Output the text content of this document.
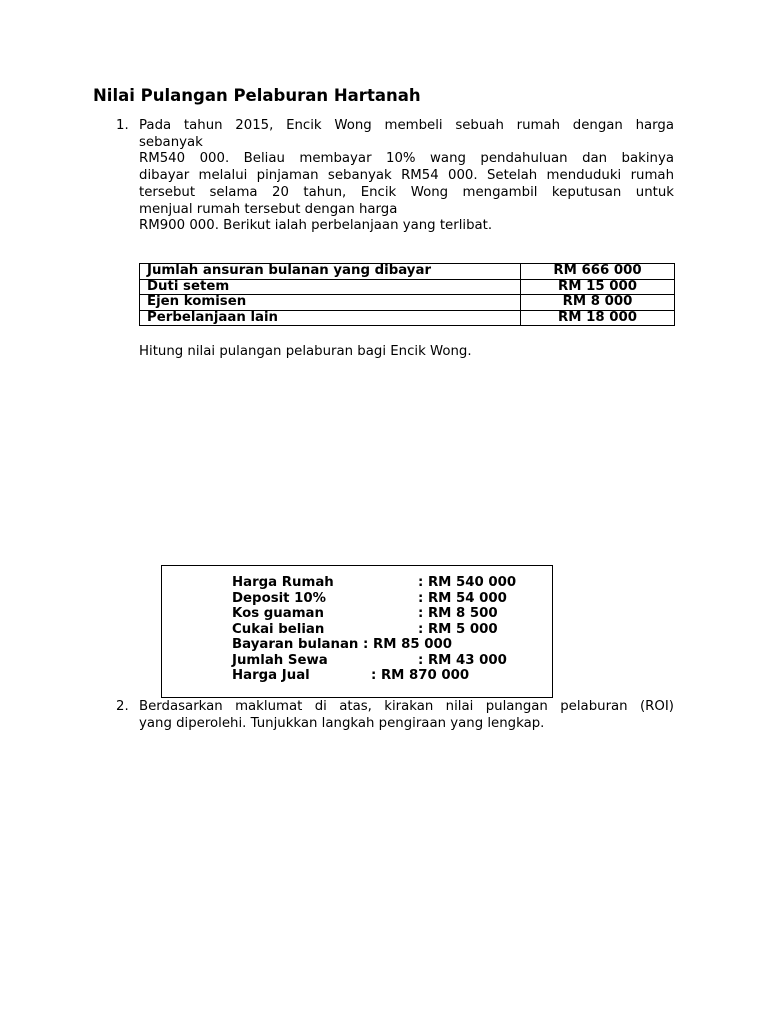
Nilai Pulangan Pelaburan Hartanah
1. Pada tahun 2015, Encik Wong membeli sebuah rumah dengan harga
sebanyak
RM540 000. Beliau membayar 10% wang pendahuluan dan bakinya
dibayar melalui pinjaman sebanyak RM54 000. Setelah menduduki rumah
tersebut selama 20 tahun, Encik Wong mengambil keputusan untuk
menjual rumah tersebut dengan harga
RM900 000. Berikut ialah perbelanjaan yang terlibat.
Jumlah ansuran bulanan yang dibayar	RM 666 000
Duti setem	RM 15 000
Ejen komisen	RM 8 000
Perbelanjaan lain	RM 18 000
Hitung nilai pulangan pelaburan bagi Encik Wong.
Harga Rumah	: RM 540 000
Deposit 10%	: RM 54 000
Kos guaman	: RM 8 500
Cukai belian	: RM 5 000
Bayaran bulanan : RM 85 000
Jumlah Sewa	: RM 43 000
Harga Jual	: RM 870 000
2. Berdasarkan maklumat di atas, kirakan nilai pulangan pelaburan (ROI)
yang diperolehi. Tunjukkan langkah pengiraan yang lengkap.
